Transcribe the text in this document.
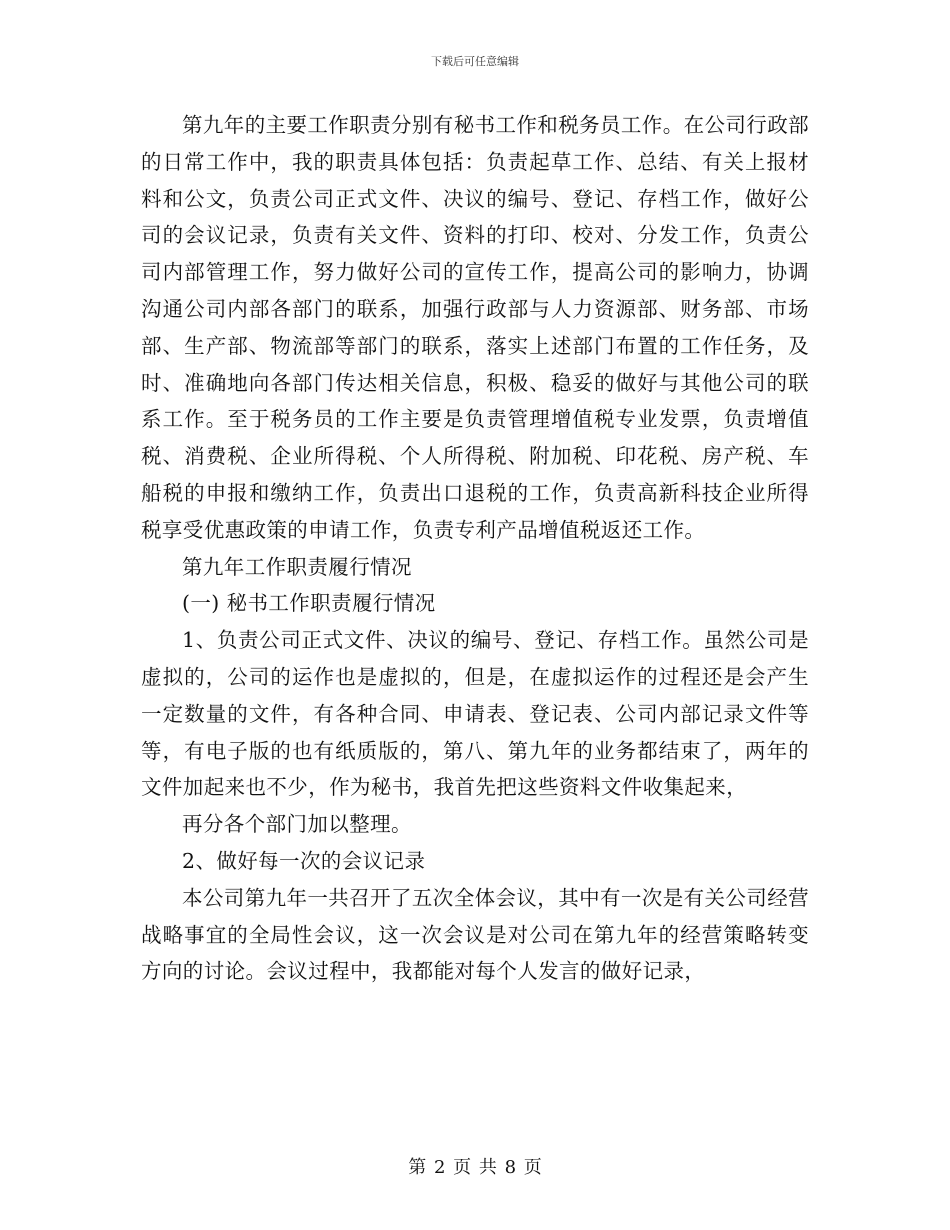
下载后可任意编辑

第九年的主要工作职责分别有秘书工作和税务员工作。在公司行政部的日常工作中，我的职责具体包括：负责起草工作、总结、有关上报材料和公文，负责公司正式文件、决议的编号、登记、存档工作，做好公司的会议记录，负责有关文件、资料的打印、校对、分发工作，负责公司内部管理工作，努力做好公司的宣传工作，提高公司的影响力，协调沟通公司内部各部门的联系，加强行政部与人力资源部、财务部、市场部、生产部、物流部等部门的联系，落实上述部门布置的工作任务，及时、准确地向各部门传达相关信息，积极、稳妥的做好与其他公司的联系工作。至于税务员的工作主要是负责管理增值税专业发票，负责增值税、消费税、企业所得税、个人所得税、附加税、印花税、房产税、车船税的申报和缴纳工作，负责出口退税的工作，负责高新科技企业所得税享受优惠政策的申请工作，负责专利产品增值税返还工作。

第九年工作职责履行情况

(一) 秘书工作职责履行情况

1、负责公司正式文件、决议的编号、登记、存档工作。虽然公司是虚拟的，公司的运作也是虚拟的，但是，在虚拟运作的过程还是会产生一定数量的文件，有各种合同、申请表、登记表、公司内部记录文件等等，有电子版的也有纸质版的，第八、第九年的业务都结束了，两年的文件加起来也不少，作为秘书，我首先把这些资料文件收集起来，

再分各个部门加以整理。

2、做好每一次的会议记录

本公司第九年一共召开了五次全体会议，其中有一次是有关公司经营战略事宜的全局性会议，这一次会议是对公司在第九年的经营策略转变方向的讨论。会议过程中，我都能对每个人发言的做好记录，

第 2 页 共 8 页
